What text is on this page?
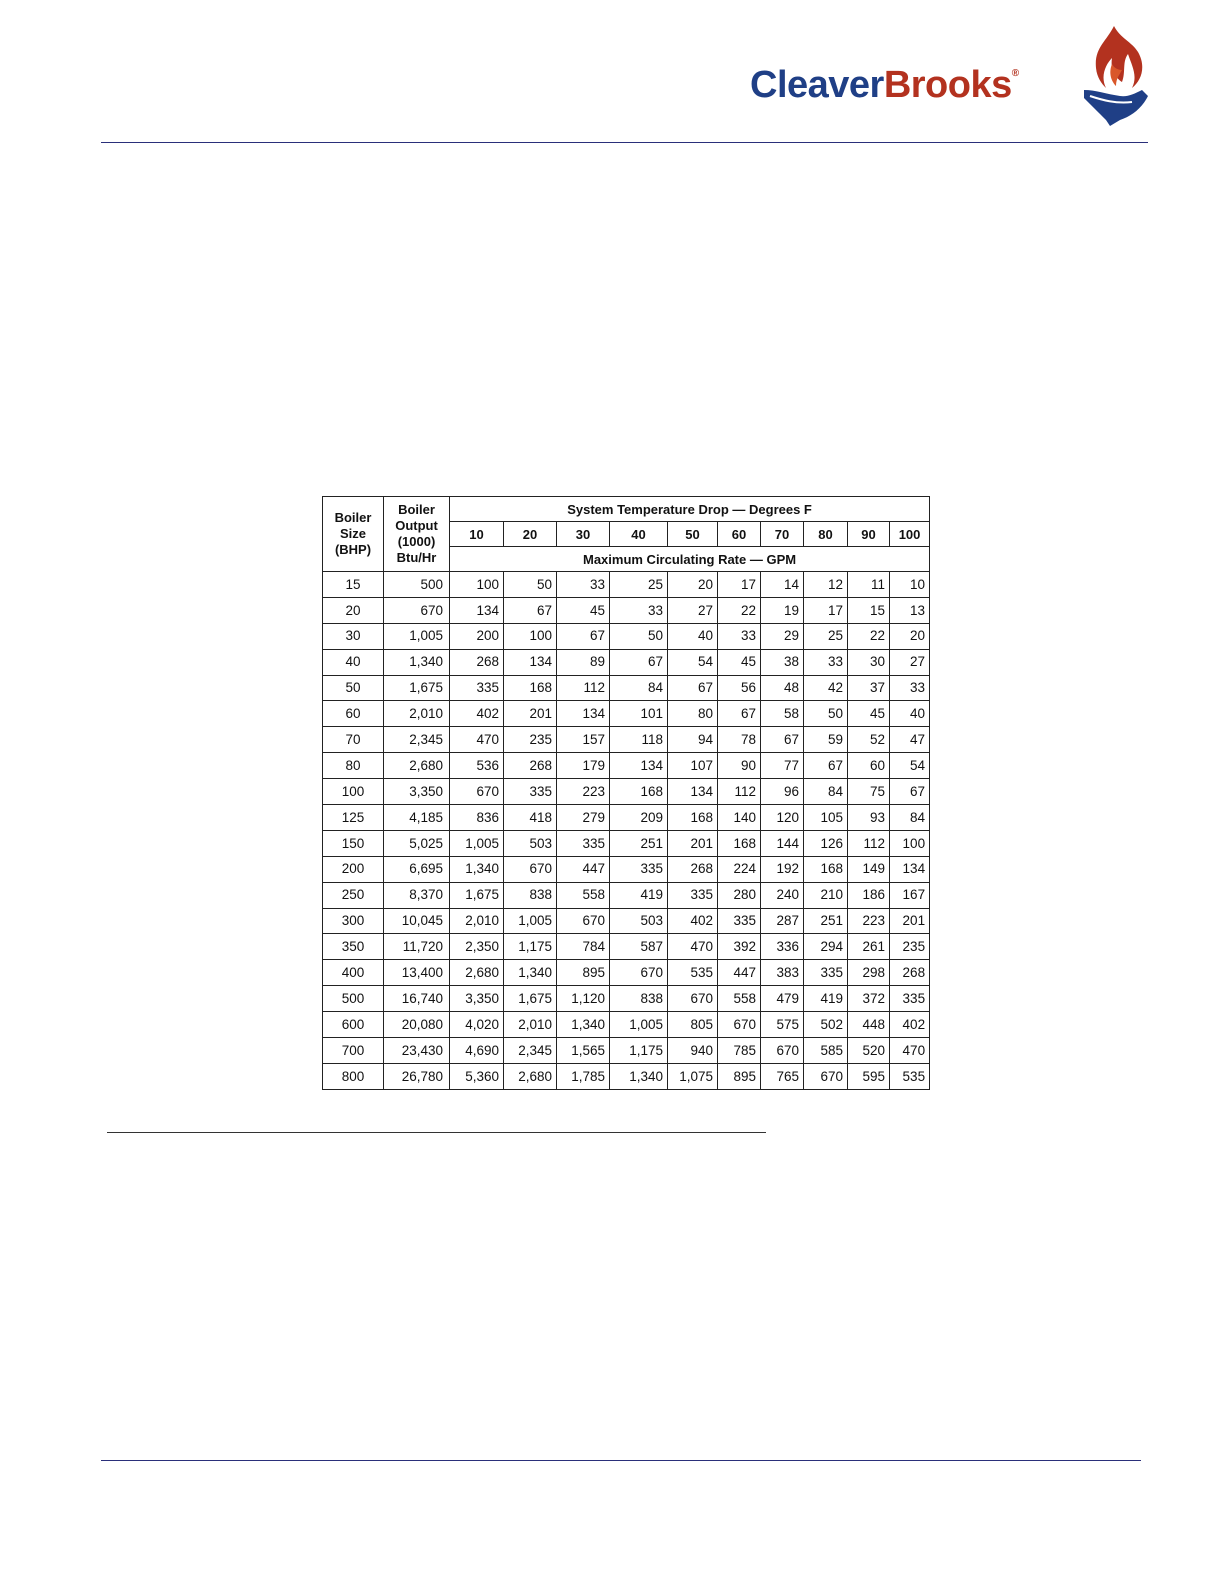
CleaverBrooks®
Boiler Size (BHP)	Boiler Output (1000) Btu/Hr	System Temperature Drop — Degrees F									
		10	20	30	40	50	60	70	80	90	100
		Maximum Circulating Rate — GPM									
15	500	100	50	33	25	20	17	14	12	11	10
20	670	134	67	45	33	27	22	19	17	15	13
30	1,005	200	100	67	50	40	33	29	25	22	20
40	1,340	268	134	89	67	54	45	38	33	30	27
50	1,675	335	168	112	84	67	56	48	42	37	33
60	2,010	402	201	134	101	80	67	58	50	45	40
70	2,345	470	235	157	118	94	78	67	59	52	47
80	2,680	536	268	179	134	107	90	77	67	60	54
100	3,350	670	335	223	168	134	112	96	84	75	67
125	4,185	836	418	279	209	168	140	120	105	93	84
150	5,025	1,005	503	335	251	201	168	144	126	112	100
200	6,695	1,340	670	447	335	268	224	192	168	149	134
250	8,370	1,675	838	558	419	335	280	240	210	186	167
300	10,045	2,010	1,005	670	503	402	335	287	251	223	201
350	11,720	2,350	1,175	784	587	470	392	336	294	261	235
400	13,400	2,680	1,340	895	670	535	447	383	335	298	268
500	16,740	3,350	1,675	1,120	838	670	558	479	419	372	335
600	20,080	4,020	2,010	1,340	1,005	805	670	575	502	448	402
700	23,430	4,690	2,345	1,565	1,175	940	785	670	585	520	470
800	26,780	5,360	2,680	1,785	1,340	1,075	895	765	670	595	535
